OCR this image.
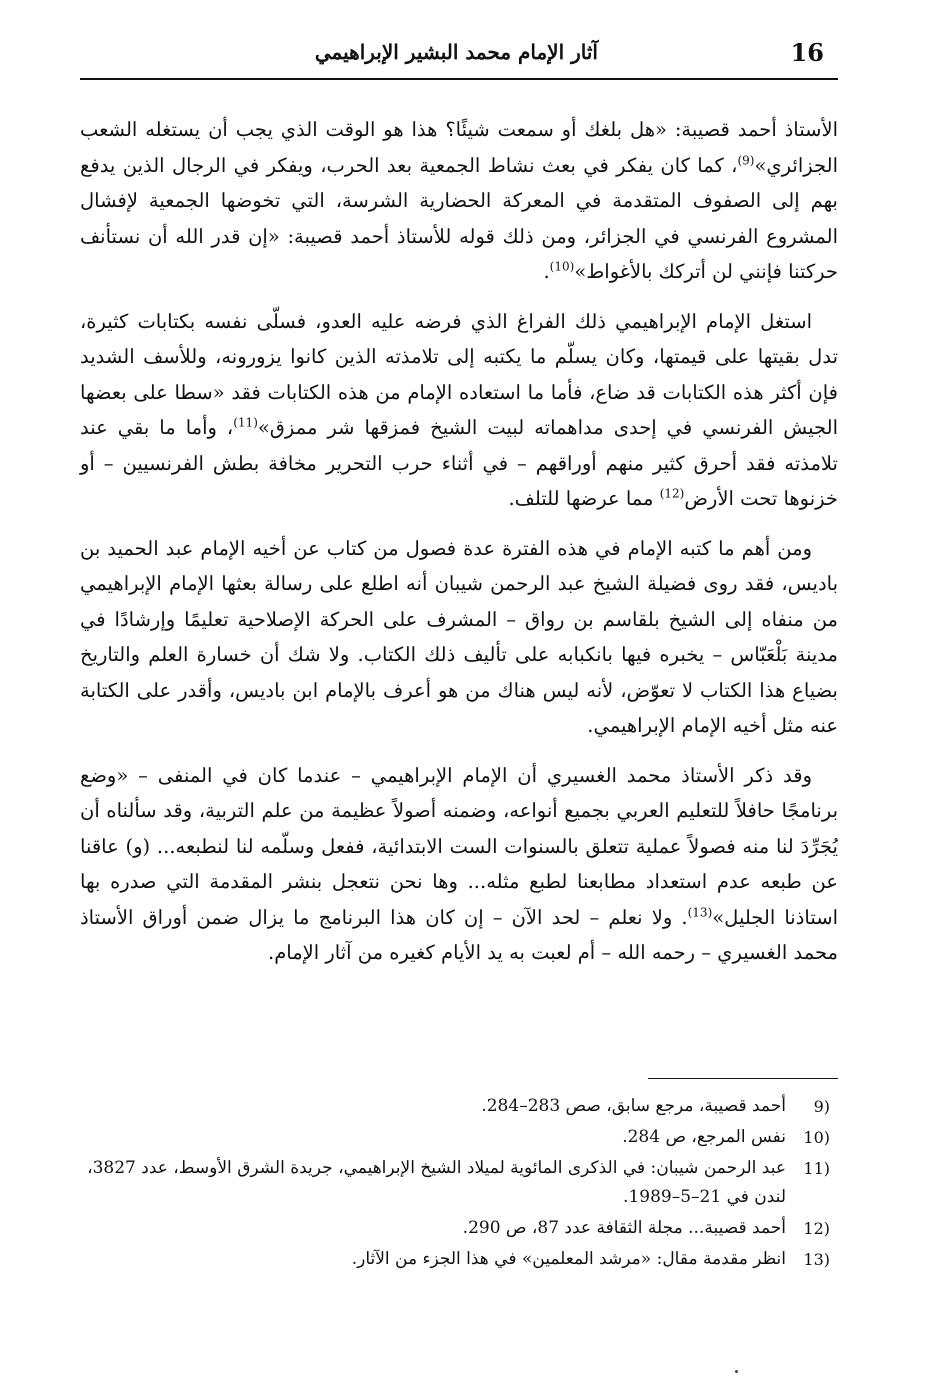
16
آثار الإمام محمد البشير الإبراهيمي

الأستاذ أحمد قصيبة: «هل بلغك أو سمعت شيئًا؟ هذا هو الوقت الذي يجب أن يستغله الشعب الجزائري»$^{(9)}$، كما كان يفكر في بعث نشاط الجمعية بعد الحرب، ويفكر في الرجال الذين يدفع بهم إلى الصفوف المتقدمة في المعركة الحضارية الشرسة، التي تخوضها الجمعية لإفشال المشروع الفرنسي في الجزائر، ومن ذلك قوله للأستاذ أحمد قصيبة: «إن قدر الله أن نستأنف حركتنا فإنني لن أتركك بالأغواط»$^{(10)}$.

استغل الإمام الإبراهيمي ذلك الفراغ الذي فرضه عليه العدو، فسلّى نفسه بكتابات كثيرة، تدل بقيتها على قيمتها، وكان يسلّم ما يكتبه إلى تلامذته الذين كانوا يزورونه، وللأسف الشديد فإن أكثر هذه الكتابات قد ضاع، فأما ما استعاده الإمام من هذه الكتابات فقد «سطا على بعضها الجيش الفرنسي في إحدى مداهماته لبيت الشيخ فمزقها شر ممزق»$^{(11)}$، وأما ما بقي عند تلامذته فقد أحرق كثير منهم أوراقهم – في أثناء حرب التحرير مخافة بطش الفرنسيين – أو خزنوها تحت الأرض$^{(12)}$ مما عرضها للتلف.

ومن أهم ما كتبه الإمام في هذه الفترة عدة فصول من كتاب عن أخيه الإمام عبد الحميد بن باديس، فقد روى فضيلة الشيخ عبد الرحمن شيبان أنه اطلع على رسالة بعثها الإمام الإبراهيمي من منفاه إلى الشيخ بلقاسم بن رواق – المشرف على الحركة الإصلاحية تعليمًا وإرشادًا في مدينة بَلْعَبّاس – يخبره فيها بانكبابه على تأليف ذلك الكتاب. ولا شك أن خسارة العلم والتاريخ بضياع هذا الكتاب لا تعوّض، لأنه ليس هناك من هو أعرف بالإمام ابن باديس، وأقدر على الكتابة عنه مثل أخيه الإمام الإبراهيمي.

وقد ذكر الأستاذ محمد الغسيري أن الإمام الإبراهيمي – عندما كان في المنفى – «وضع برنامجًا حافلاً للتعليم العربي بجميع أنواعه، وضمنه أصولاً عظيمة من علم التربية، وقد سألناه أن يُجَرِّدَ لنا منه فصولاً عملية تتعلق بالسنوات الست الابتدائية، ففعل وسلّمه لنا لنطبعه... (و) عاقنا عن طبعه عدم استعداد مطابعنا لطبع مثله... وها نحن نتعجل بنشر المقدمة التي صدره بها استاذنا الجليل»$^{(13)}$. ولا نعلم – لحد الآن – إن كان هذا البرنامج ما يزال ضمن أوراق الأستاذ محمد الغسيري – رحمه الله – أم لعبت به يد الأيام كغيره من آثار الإمام.

9)
أحمد قصيبة، مرجع سابق، صص 283–284.
10)
نفس المرجع، ص 284.
11)
عبد الرحمن شيبان: في الذكرى المائوية لميلاد الشيخ الإبراهيمي، جريدة الشرق الأوسط، عدد 3827، لندن في 21–5–1989.
12)
أحمد قصيبة... مجلة الثقافة عدد 87، ص 290.
13)
انظر مقدمة مقال: «مرشد المعلمين» في هذا الجزء من الآثار.
